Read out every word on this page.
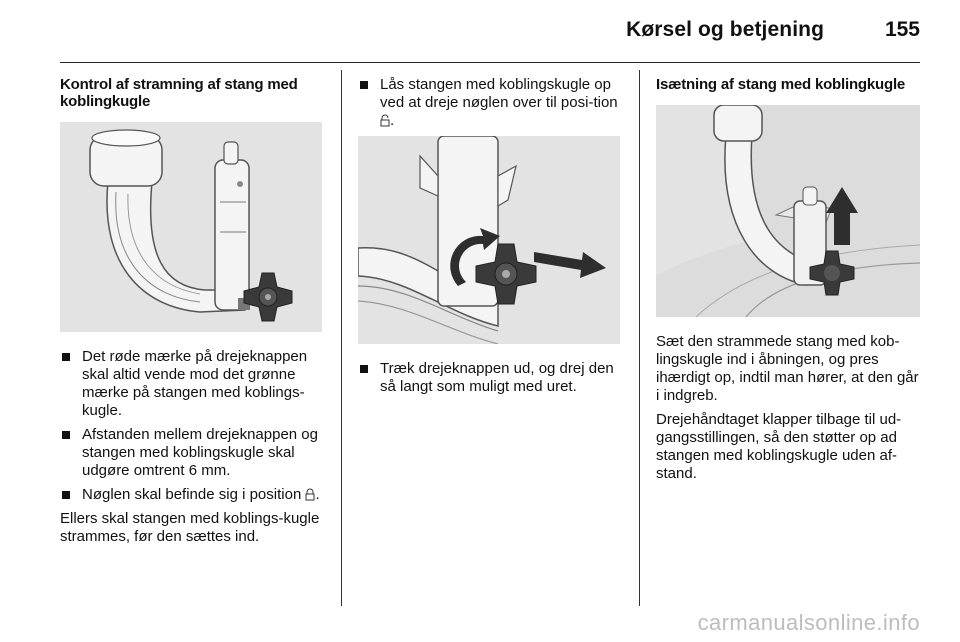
Kørsel og betjening	155
Kontrol af stramning af stang med koblingkugle
Det røde mærke på drejeknappen skal altid vende mod det grønne mærke på stangen med koblings-kugle.
Afstanden mellem drejeknappen og stangen med koblingskugle skal udgøre omtrent 6 mm.
Nøglen skal befinde sig i position .

Ellers skal stangen med koblings-kugle strammes, før den sættes ind.

Lås stangen med koblingskugle op ved at dreje nøglen over til posi-tion .
Træk drejeknappen ud, og drej den så langt som muligt med uret.
Isætning af stang med koblingkugle

Sæt den strammede stang med kob-lingskugle ind i åbningen, og pres ihærdigt op, indtil man hører, at den går i indgreb.

Drejehåndtaget klapper tilbage til ud-gangsstillingen, så den støtter op ad stangen med koblingskugle uden af-stand.

carmanualsonline.info
